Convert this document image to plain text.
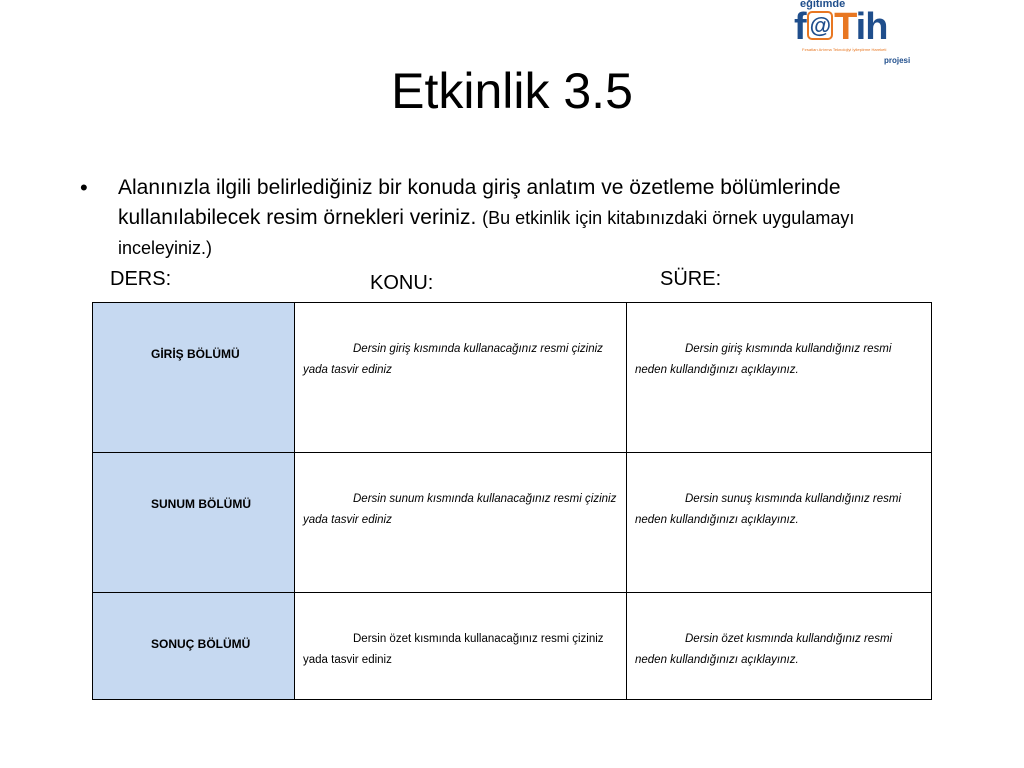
eğitimde
f @ Tih
Fırsatları Artırma Teknolojiyi İyileştirme Hareketi
projesi
Etkinlik 3.5
• Alanınızla ilgili belirlediğiniz bir konuda giriş anlatım ve özetleme bölümlerinde kullanılabilecek resim örnekleri veriniz. (Bu etkinlik için kitabınızdaki örnek uygulamayı inceleyiniz.)
DERS:	KONU:	SÜRE:
GİRİŞ BÖLÜMÜ	Dersin giriş kısmında kullanacağınız resmi çiziniz yada tasvir ediniz	Dersin giriş kısmında kullandığınız resmi neden kullandığınızı açıklayınız.

SUNUM BÖLÜMÜ	Dersin sunum kısmında kullanacağınız resmi çiziniz yada tasvir ediniz	Dersin sunuş kısmında kullandığınız resmi neden kullandığınızı açıklayınız.

SONUÇ BÖLÜMÜ	Dersin özet kısmında kullanacağınız resmi çiziniz yada tasvir ediniz	Dersin özet kısmında kullandığınız resmi neden kullandığınızı açıklayınız.
